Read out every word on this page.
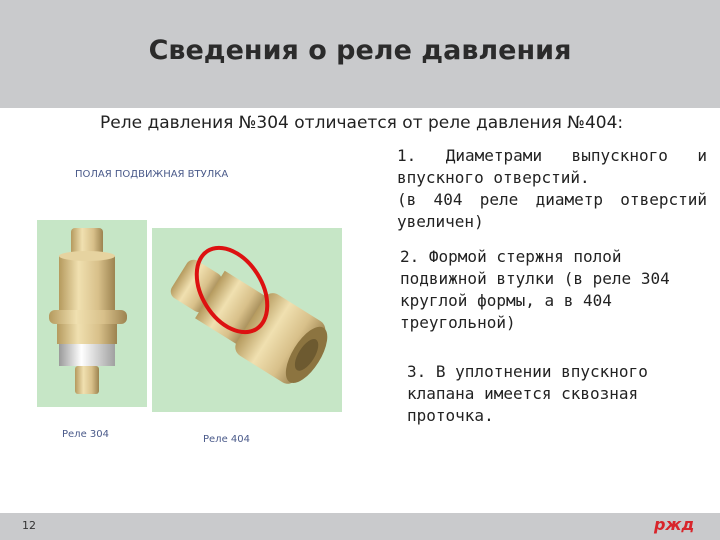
Сведения о реле давления
Реле давления №304 отличается от реле давления №404:
ПОЛАЯ ПОДВИЖНАЯ ВТУЛКА
Реле 304	Реле 404
1. Диаметрами выпускного и впускного отверстий.
(в 404 реле диаметр отверстий увеличен)
2. Формой стержня полой подвижной втулки (в реле 304 круглой формы, а в 404 треугольной)
3. В уплотнении впускного клапана имеется сквозная проточка.
12	ржд
